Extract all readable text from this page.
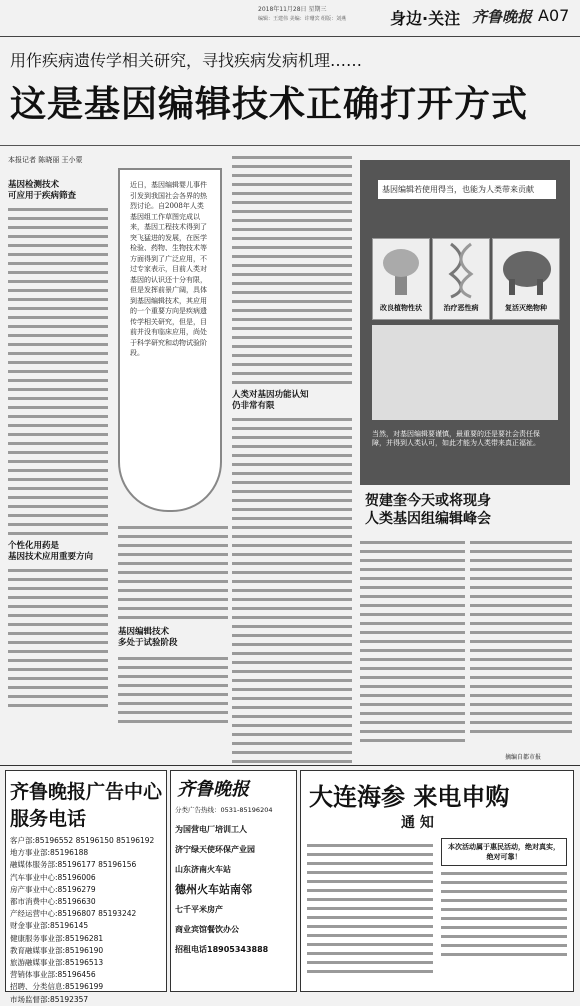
2018年11月28日 星期三
编辑：王建伟 美编：许珊宾 组版：刘燕	身边·关注 齐鲁晚报 A07
用作疾病遗传学相关研究，寻找疾病发病机理……
这是基因编辑技术正确打开方式
本报记者 陈晓丽 王小蒙
基因检测技术
可应用于疾病筛查
个性化用药是
基因技术应用重要方向
近日，基因编辑婴儿事件引发到我国社会各界的热烈讨论。自2008年人类基因组工作草图完成以来，基因工程技术得到了突飞猛进的发展，在医学检验、药物、生物技术等方面得到了广泛应用，不过专家表示，目前人类对基因的认识还十分有限，但是发挥前景广阔，具体到基因编辑技术，其应用的一个重要方向是疾病遗传学相关研究，但是，目前并没有临床应用，尚处于科学研究和动物试验阶段。
基因编辑技术
多处于试验阶段
人类对基因功能认知
仍非常有限
基因编辑若使用得当，也能为人类带来贡献
改良植物性状	治疗恶性病	复活灭绝物种
当然，对基因编辑要谨慎，最重要的还是要社会责任保障，并得到人类认可，如此才能为人类带来真正福祉。
贺建奎今天或将现身
人类基因组编辑峰会
摘编自都市报
齐鲁晚报广告中心服务电话
客户部:85196552 85196150 85196192
地方事业部:85196188
融媒体服务部:85196177 85196156
汽车事业中心:85196006
房产事业中心:85196279
都市消费中心:85196630
产经运营中心:85196807 85193242
财金事业部:85196145
健康服务事业部:85196281
教育融媒事业部:85196190
旅游融媒事业部:85196513
营销体事业部:85196456
招聘、分类信息:85196199
市场监督部:85192357
齐鲁晚报
分类广告热线：0531-85196204
为国营电厂培训工人
济宁绿天使环保产业园
山东济南火车站
德州火车站南邻
七千平米房产
商业宾馆餐饮办公
招租电话18905343888
大连海参 来电申购
通 知
本次活动属于惠民活动，绝对真实，绝对可靠！
